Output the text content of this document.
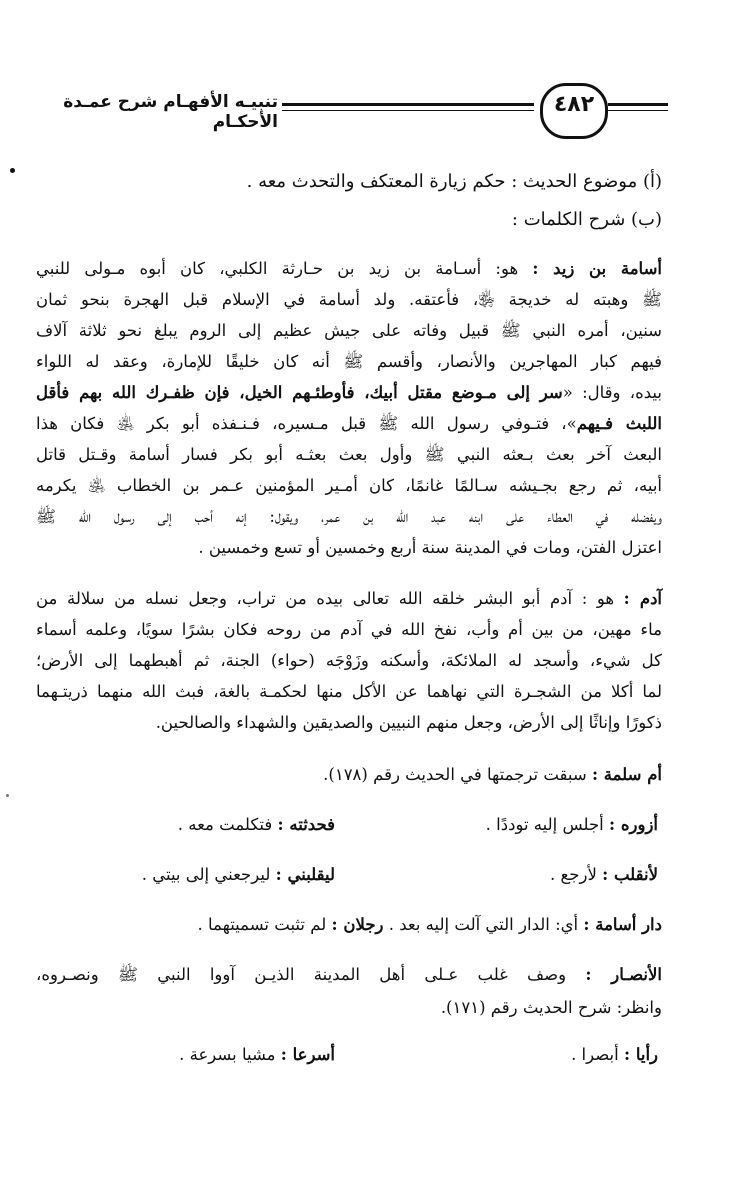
تنبيـه الأفهـام شرح عمـدة الأحكـام
٤٨٢
(أ) موضوع الحديث : حكم زيارة المعتكف والتحدث معه .
(ب) شرح الكلمات :
أسامة بن زيد : هو: أسـامة بن زيد بن حـارثة الكلبي، كان أبوه مـولى للنبي
ﷺ وهبته له خديجة ﵂، فأعتقه. ولد أسامة في الإسلام قبل الهجرة بنحو ثمان
سنين، أمره النبي ﷺ قبيل وفاته على جيش عظيم إلى الروم يبلغ نحو ثلاثة آلاف
فيهم كبار المهاجرين والأنصار، وأقسم ﷺ أنه كان خليقًا للإمارة، وعقد له اللواء
بيده، وقال: «سر إلى مـوضع مقتل أبيك، فأوطئـهم الخيل، فإن ظفـرك الله بهم فأقل
اللبث فـيهم»، فتـوفي رسول الله ﷺ قبل مـسيره، فـنـفذه أبو بكر ﵁ فكان هذا
البعث آخر بعث بـعثه النبي ﷺ وأول بعث بعثـه أبو بكر فسار أسامة وقـتل قاتل
أبيه، ثم رجع بجـيشه سـالمًا غانمًا، كان أمـير المؤمنين عـمر بن الخطاب ﵁ يكرمه
ويفضله في العطاء على ابنه عبد الله بن عمر، ويقول: إنه أحب إلى رسول الله ﷺ
اعتزل الفتن، ومات في المدينة سنة أربع وخمسين أو تسع وخمسين .
آدم : هو : آدم أبو البشر خلقه الله تعالى بيده من تراب، وجعل نسله من سلالة من
ماء مهين، من بين أم وأب، نفخ الله في آدم من روحه فكان بشرًا سويًا، وعلمه أسماء
كل شيء، وأسجد له الملائكة، وأسكنه وزَوْجَه (حواء) الجنة، ثم أهبطهما إلى الأرض؛
لما أكلا من الشجـرة التي نهاهما عن الأكل منها لحكمـة بالغة، فبث الله منهما ذريتـهما
ذكورًا وإناثًا إلى الأرض، وجعل منهم النبيين والصديقين والشهداء والصالحين.
أم سلمة : سبقت ترجمتها في الحديث رقم (١٧٨).
أزوره : أجلس إليه توددًا .
فحدثته : فتكلمت معه .
لأنقلب : لأرجع .
ليقلبني : ليرجعني إلى بيتي .
دار أسامة : أي: الدار التي آلت إليه بعد . رجلان : لم تثبت تسميتهما .
الأنصـار : وصف غلب عـلى أهل المدينة الذيـن آووا النبي ﷺ ونصـروه،
وانظر: شرح الحديث رقم (١٧١).
رأيا : أبصرا .
أسرعا : مشيا بسرعة .
